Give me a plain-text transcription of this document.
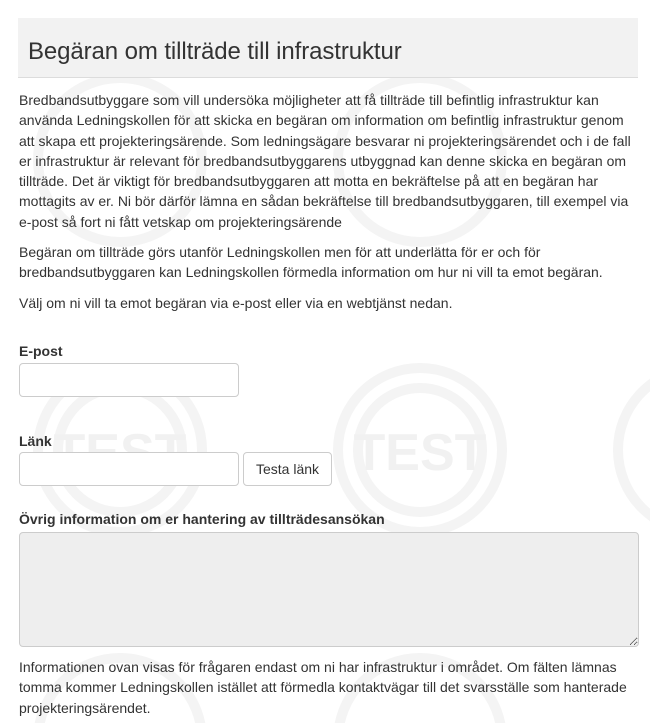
TEST
Begäran om tillträde till infrastruktur

Bredbandsutbyggare som vill undersöka möjligheter att få tillträde till befintlig infrastruktur kan använda Ledningskollen för att skicka en begäran om information om befintlig infrastruktur genom att skapa ett projekteringsärende. Som ledningsägare besvarar ni projekteringsärendet och i de fall er infrastruktur är relevant för bredbandsutbyggarens utbyggnad kan denne skicka en begäran om tillträde. Det är viktigt för bredbandsutbyggaren att motta en bekräftelse på att en begäran har mottagits av er. Ni bör därför lämna en sådan bekräftelse till bredbandsutbyggaren, till exempel via e-post så fort ni fått vetskap om projekteringsärende

Begäran om tillträde görs utanför Ledningskollen men för att underlätta för er och för bredbandsutbyggaren kan Ledningskollen förmedla information om hur ni vill ta emot begäran.

Välj om ni vill ta emot begäran via e-post eller via en webtjänst nedan.

E-post
Länk
Testa länk
Övrig information om er hantering av tillträdesansökan

Informationen ovan visas för frågaren endast om ni har infrastruktur i området. Om fälten lämnas tomma kommer Ledningskollen istället att förmedla kontaktvägar till det svarsställe som hanterade projekteringsärendet.
